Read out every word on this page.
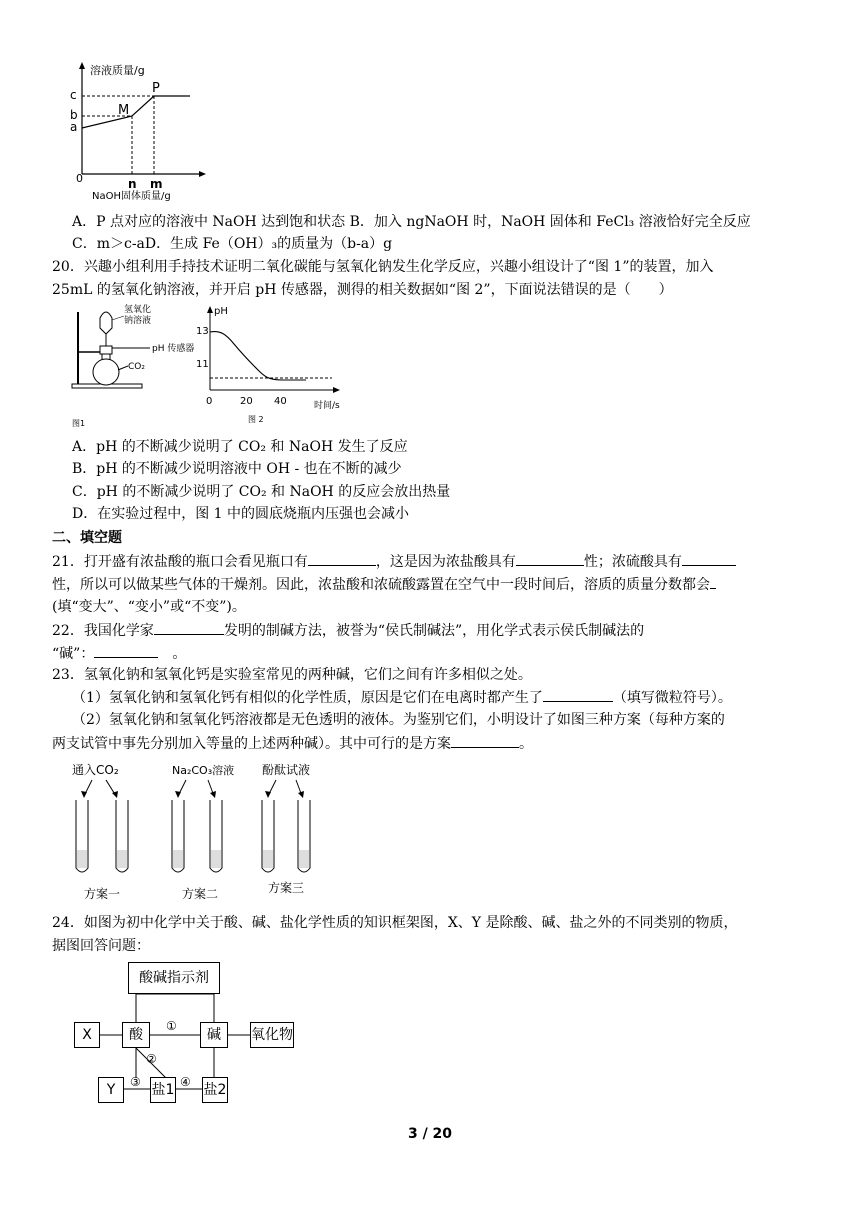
溶液质量/g
c
b
a
0	n m
NaOH固体质量/g
M
P
A．P 点对应的溶液中 NaOH 达到饱和状态 B．加入 ngNaOH 时，NaOH 固体和 FeCl₃ 溶液恰好完全反应
C．m＞c-aD．生成 Fe（OH）₃的质量为（b-a）g
20．兴趣小组利用手持技术证明二氧化碳能与氢氧化钠发生化学反应，兴趣小组设计了“图 1”的装置，加入
25mL 的氢氧化钠溶液，并开启 pH 传感器，测得的相关数据如“图 2”，下面说法错误的是（　　）
氢氧化
钠溶液
pH 传感器
CO₂
图1
pH
13
11
0	20 40	时间/s
图 2
A．pH 的不断减少说明了 CO₂ 和 NaOH 发生了反应
B．pH 的不断减少说明溶液中 OH - 也在不断的减少
C．pH 的不断减少说明了 CO₂ 和 NaOH 的反应会放出热量
D．在实验过程中，图 1 中的圆底烧瓶内压强也会减小
二、填空题
21．打开盛有浓盐酸的瓶口会看见瓶口有	，这是因为浓盐酸具有	性；浓硫酸具有
性，所以可以做某些气体的干燥剂。因此，浓盐酸和浓硫酸露置在空气中一段时间后，溶质的质量分数都会
(填“变大”、“变小”或“不变”)。
22．我国化学家	发明的制碱方法，被誉为“侯氏制碱法”，用化学式表示侯氏制碱法的
“碱”：	。
23．氢氧化钠和氢氧化钙是实验室常见的两种碱，它们之间有许多相似之处。
（1）氢氧化钠和氢氧化钙有相似的化学性质，原因是它们在电离时都产生了	（填写微粒符号）。
（2）氢氧化钠和氢氧化钙溶液都是无色透明的液体。为鉴别它们，小明设计了如图三种方案（每种方案的
两支试管中事先分别加入等量的上述两种碱）。其中可行的是方案	。
通入CO₂
方案一
Na₂CO₃溶液
方案二
酚酞试液
方案三
24．如图为初中化学中关于酸、碱、盐化学性质的知识框架图，X、Y 是除酸、碱、盐之外的不同类别的物质，
据图回答问题：
①
②
③	④
酸碱指示剂
X	酸	碱	氧化物
Y	盐1 盐2
3 / 20
